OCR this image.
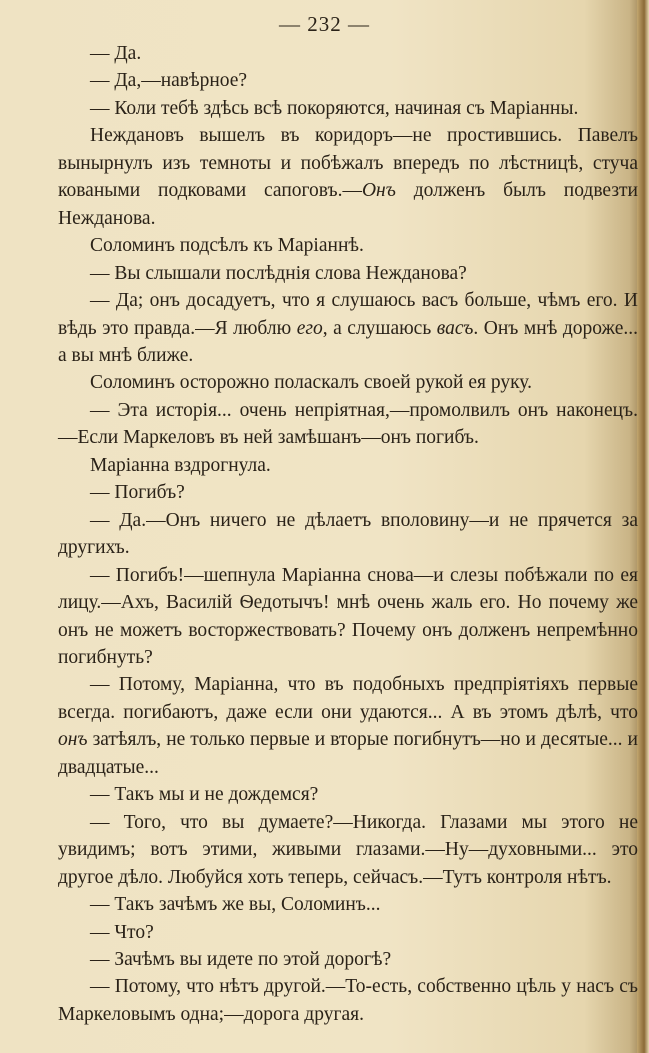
— 232 —

— Да.

— Да,—навѣрное?

— Коли тебѣ здѣсь всѣ покоряются, начиная съ Маріанны.

Неждановъ вышелъ въ коридоръ—не простившись. Павелъ вынырнулъ изъ темноты и побѣжалъ впередъ по лѣстницѣ, стуча коваными подковами сапоговъ.—Онъ долженъ былъ подвезти Нежданова.

Соломинъ подсѣлъ къ Маріаннѣ.

— Вы слышали послѣднія слова Нежданова?

— Да; онъ досадуетъ, что я слушаюсь васъ больше, чѣмъ его. И вѣдь это правда.—Я люблю его, а слушаюсь васъ. Онъ мнѣ дороже... а вы мнѣ ближе.

Соломинъ осторожно поласкалъ своей рукой ея руку.

— Эта исторія... очень непріятная,—промолвилъ онъ наконецъ.—Если Маркеловъ въ ней замѣшанъ—онъ погибъ.

Маріанна вздрогнула.

— Погибъ?

— Да.—Онъ ничего не дѣлаетъ вполовину—и не прячется за другихъ.

— Погибъ!—шепнула Маріанна снова—и слезы побѣжали по ея лицу.—Ахъ, Василій Ѳедотычъ! мнѣ очень жаль его. Но почему же онъ не можетъ восторжествовать? Почему онъ долженъ непремѣнно погибнуть?

— Потому, Маріанна, что въ подобныхъ предпріятіяхъ первые всегда. погибаютъ, даже если они удаются... А въ этомъ дѣлѣ, что онъ затѣялъ, не только первые и вторые погибнутъ—но и десятые... и двадцатые...

— Такъ мы и не дождемся?

— Того, что вы думаете?—Никогда. Глазами мы этого не увидимъ; вотъ этими, живыми глазами.—Ну—духовными... это другое дѣло. Любуйся хоть теперь, сейчасъ.—Тутъ контроля нѣтъ.

— Такъ зачѣмъ же вы, Соломинъ...

— Что?

— Зачѣмъ вы идете по этой дорогѣ?

— Потому, что нѣтъ другой.—То-есть, собственно цѣль у насъ съ Маркеловымъ одна;—дорога другая.
